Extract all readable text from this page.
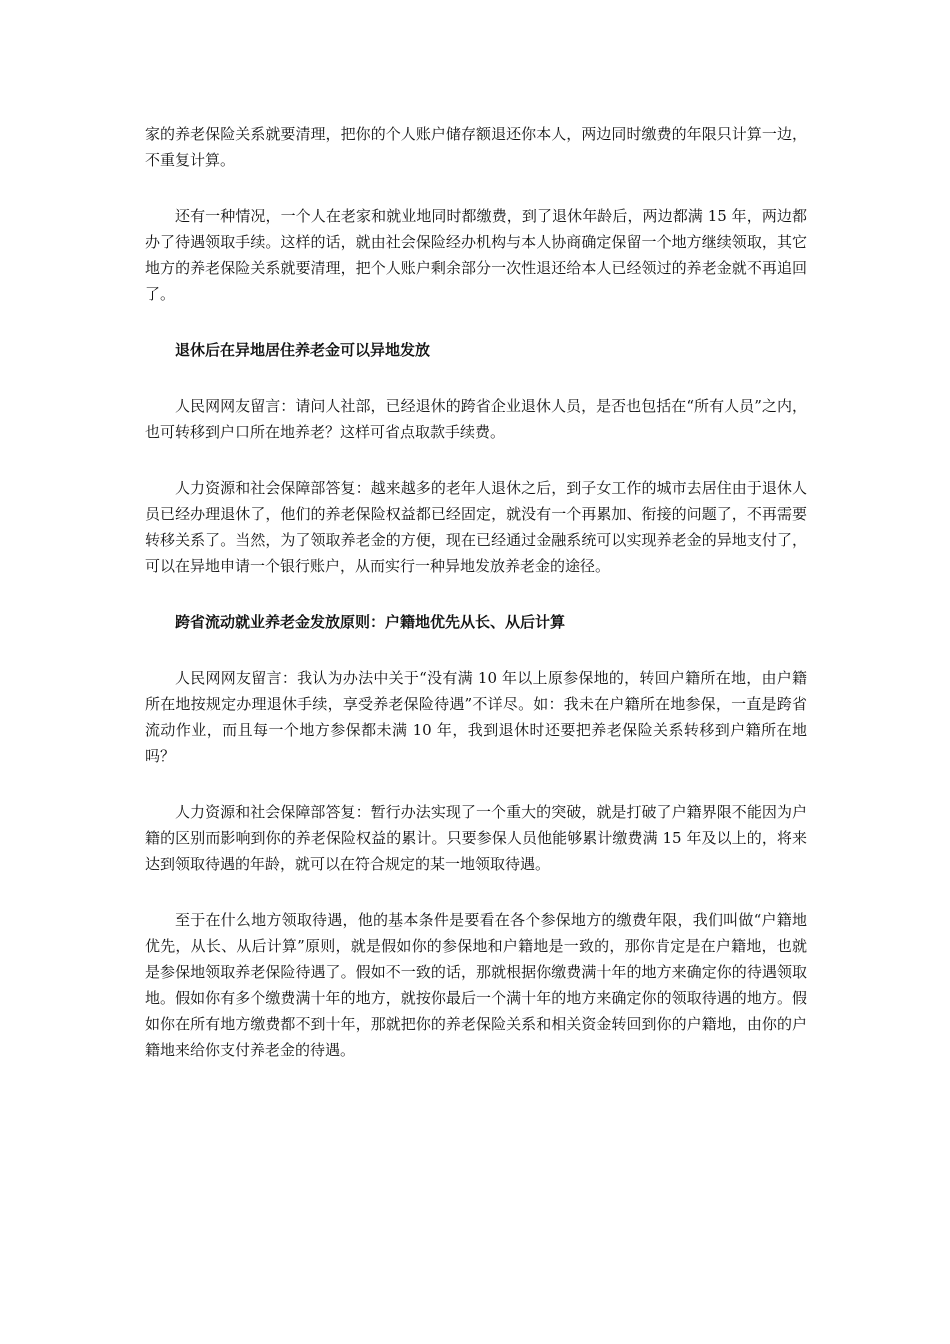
家的养老保险关系就要清理，把你的个人账户储存额退还你本人，两边同时缴费的年限只计算一边，不重复计算。

还有一种情况，一个人在老家和就业地同时都缴费，到了退休年龄后，两边都满 15 年，两边都办了待遇领取手续。这样的话，就由社会保险经办机构与本人协商确定保留一个地方继续领取，其它地方的养老保险关系就要清理，把个人账户剩余部分一次性退还给本人已经领过的养老金就不再追回了。

退休后在异地居住养老金可以异地发放

人民网网友留言：请问人社部，已经退休的跨省企业退休人员，是否也包括在“所有人员”之内，也可转移到户口所在地养老？这样可省点取款手续费。

人力资源和社会保障部答复：越来越多的老年人退休之后，到子女工作的城市去居住由于退休人员已经办理退休了，他们的养老保险权益都已经固定，就没有一个再累加、衔接的问题了，不再需要转移关系了。当然，为了领取养老金的方便，现在已经通过金融系统可以实现养老金的异地支付了，可以在异地申请一个银行账户，从而实行一种异地发放养老金的途径。

跨省流动就业养老金发放原则：户籍地优先从长、从后计算

人民网网友留言：我认为办法中关于“没有满 10 年以上原参保地的，转回户籍所在地，由户籍所在地按规定办理退休手续，享受养老保险待遇”不详尽。如：我未在户籍所在地参保，一直是跨省流动作业，而且每一个地方参保都未满 10 年，我到退休时还要把养老保险关系转移到户籍所在地吗？

人力资源和社会保障部答复：暂行办法实现了一个重大的突破，就是打破了户籍界限不能因为户籍的区别而影响到你的养老保险权益的累计。只要参保人员他能够累计缴费满 15 年及以上的，将来达到领取待遇的年龄，就可以在符合规定的某一地领取待遇。

至于在什么地方领取待遇，他的基本条件是要看在各个参保地方的缴费年限，我们叫做“户籍地优先，从长、从后计算”原则，就是假如你的参保地和户籍地是一致的，那你肯定是在户籍地，也就是参保地领取养老保险待遇了。假如不一致的话，那就根据你缴费满十年的地方来确定你的待遇领取地。假如你有多个缴费满十年的地方，就按你最后一个满十年的地方来确定你的领取待遇的地方。假如你在所有地方缴费都不到十年，那就把你的养老保险关系和相关资金转回到你的户籍地，由你的户籍地来给你支付养老金的待遇。
